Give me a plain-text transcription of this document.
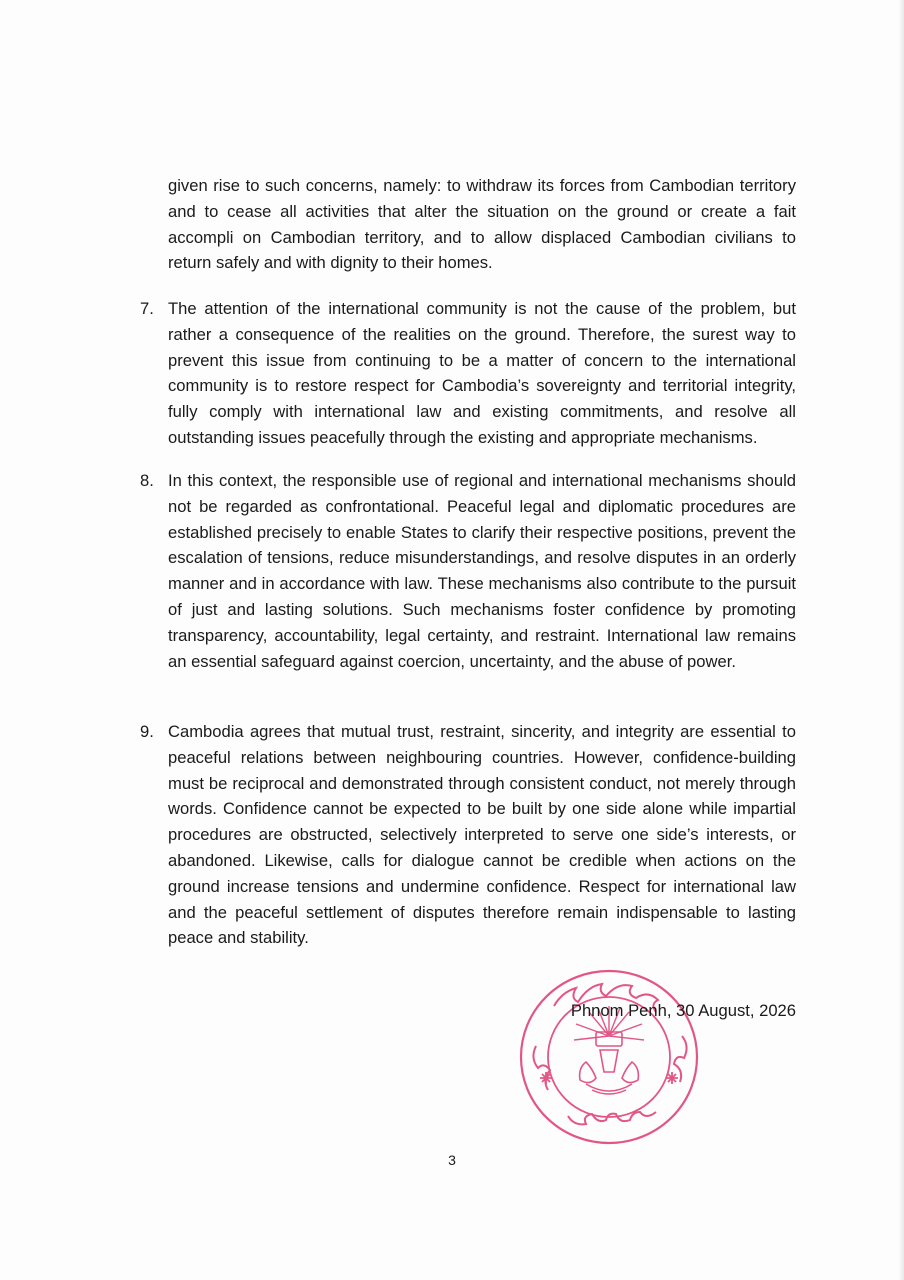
given rise to such concerns, namely: to withdraw its forces from Cambodian territory and to cease all activities that alter the situation on the ground or create a fait accompli on Cambodian territory, and to allow displaced Cambodian civilians to return safely and with dignity to their homes.

7. The attention of the international community is not the cause of the problem, but rather a consequence of the realities on the ground. Therefore, the surest way to prevent this issue from continuing to be a matter of concern to the international community is to restore respect for Cambodia’s sovereignty and territorial integrity, fully comply with international law and existing commitments, and resolve all outstanding issues peacefully through the existing and appropriate mechanisms.

8. In this context, the responsible use of regional and international mechanisms should not be regarded as confrontational. Peaceful legal and diplomatic procedures are established precisely to enable States to clarify their respective positions, prevent the escalation of tensions, reduce misunderstandings, and resolve disputes in an orderly manner and in accordance with law. These mechanisms also contribute to the pursuit of just and lasting solutions. Such mechanisms foster confidence by promoting transparency, accountability, legal certainty, and restraint. International law remains an essential safeguard against coercion, uncertainty, and the abuse of power.

9. Cambodia agrees that mutual trust, restraint, sincerity, and integrity are essential to peaceful relations between neighbouring countries. However, confidence-building must be reciprocal and demonstrated through consistent conduct, not merely through words. Confidence cannot be expected to be built by one side alone while impartial procedures are obstructed, selectively interpreted to serve one side’s interests, or abandoned. Likewise, calls for dialogue cannot be credible when actions on the ground increase tensions and undermine confidence. Respect for international law and the peaceful settlement of disputes therefore remain indispensable to lasting peace and stability.

Phnom Penh, 30 August, 2026
3
